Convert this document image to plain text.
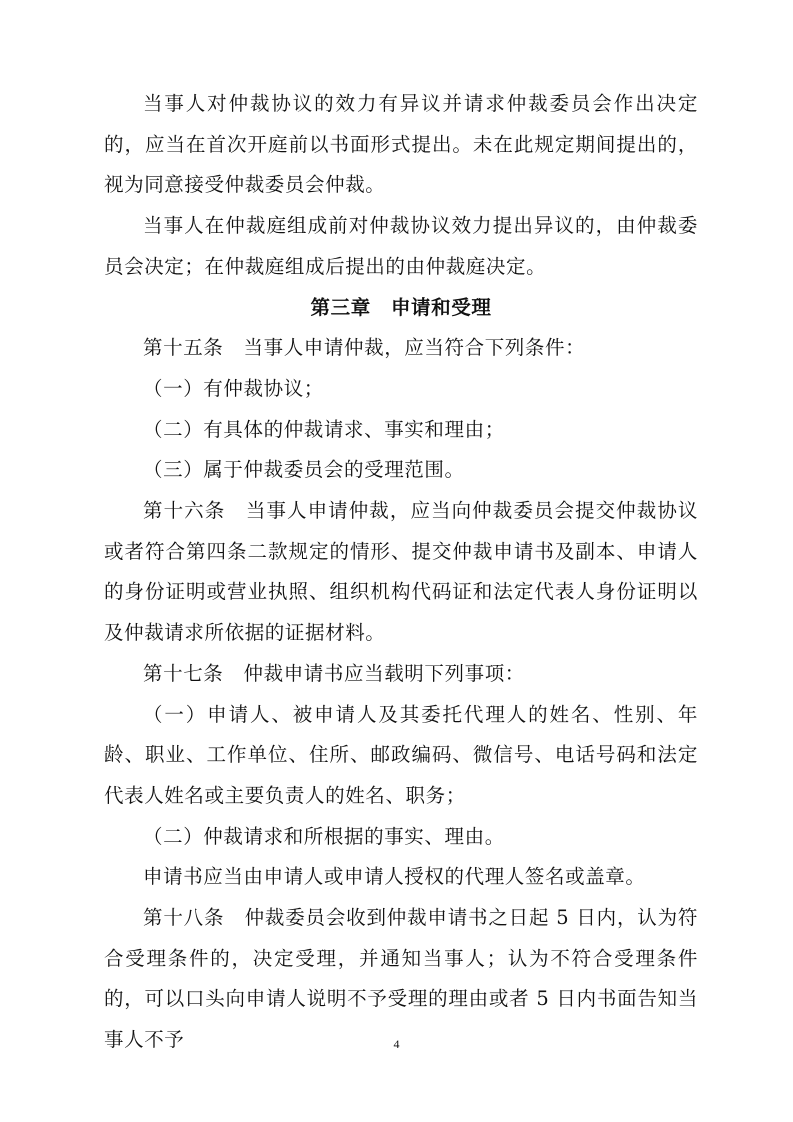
当事人对仲裁协议的效力有异议并请求仲裁委员会作出决定的，应当在首次开庭前以书面形式提出。未在此规定期间提出的，视为同意接受仲裁委员会仲裁。

当事人在仲裁庭组成前对仲裁协议效力提出异议的，由仲裁委员会决定；在仲裁庭组成后提出的由仲裁庭决定。

第三章　申请和受理

第十五条　当事人申请仲裁，应当符合下列条件：

（一）有仲裁协议；

（二）有具体的仲裁请求、事实和理由；

（三）属于仲裁委员会的受理范围。

第十六条　当事人申请仲裁，应当向仲裁委员会提交仲裁协议或者符合第四条二款规定的情形、提交仲裁申请书及副本、申请人的身份证明或营业执照、组织机构代码证和法定代表人身份证明以及仲裁请求所依据的证据材料。

第十七条　仲裁申请书应当载明下列事项：

（一）申请人、被申请人及其委托代理人的姓名、性别、年龄、职业、工作单位、住所、邮政编码、微信号、电话号码和法定代表人姓名或主要负责人的姓名、职务；

（二）仲裁请求和所根据的事实、理由。

申请书应当由申请人或申请人授权的代理人签名或盖章。

第十八条　仲裁委员会收到仲裁申请书之日起 5 日内，认为符合受理条件的，决定受理，并通知当事人；认为不符合受理条件的，可以口头向申请人说明不予受理的理由或者 5 日内书面告知当事人不予	4
